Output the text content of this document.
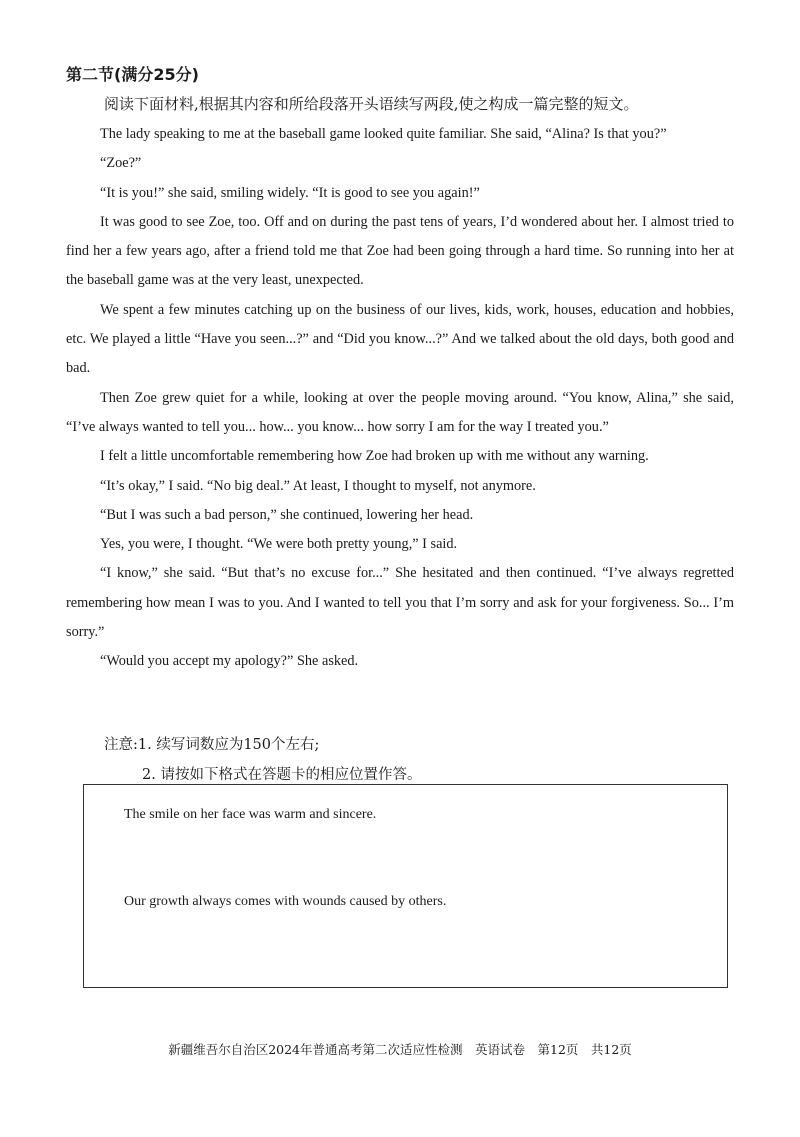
第二节(满分25分)
阅读下面材料,根据其内容和所给段落开头语续写两段,使之构成一篇完整的短文。

The lady speaking to me at the baseball game looked quite familiar. She said, “Alina? Is that you?”

“Zoe?”

“It is you!” she said, smiling widely. “It is good to see you again!”

It was good to see Zoe, too. Off and on during the past tens of years, I’d wondered about her. I almost tried to find her a few years ago, after a friend told me that Zoe had been going through a hard time. So running into her at the baseball game was at the very least, unexpected.

We spent a few minutes catching up on the business of our lives, kids, work, houses, education and hobbies, etc. We played a little “Have you seen...?” and “Did you know...?” And we talked about the old days, both good and bad.

Then Zoe grew quiet for a while, looking at over the people moving around. “You know, Alina,” she said, “I’ve always wanted to tell you... how... you know... how sorry I am for the way I treated you.”

I felt a little uncomfortable remembering how Zoe had broken up with me without any warning.

“It’s okay,” I said. “No big deal.” At least, I thought to myself, not anymore.

“But I was such a bad person,” she continued, lowering her head.

Yes, you were, I thought. “We were both pretty young,” I said.

“I know,” she said. “But that’s no excuse for...” She hesitated and then continued. “I’ve always regretted remembering how mean I was to you. And I wanted to tell you that I’m sorry and ask for your forgiveness. So... I’m sorry.”

“Would you accept my apology?” She asked.

注意:1. 续写词数应为150个左右;
2. 请按如下格式在答题卡的相应位置作答。
The smile on her face was warm and sincere.
Our growth always comes with wounds caused by others.
新疆维吾尔自治区2024年普通高考第二次适应性检测　英语试卷　第12页　共12页
